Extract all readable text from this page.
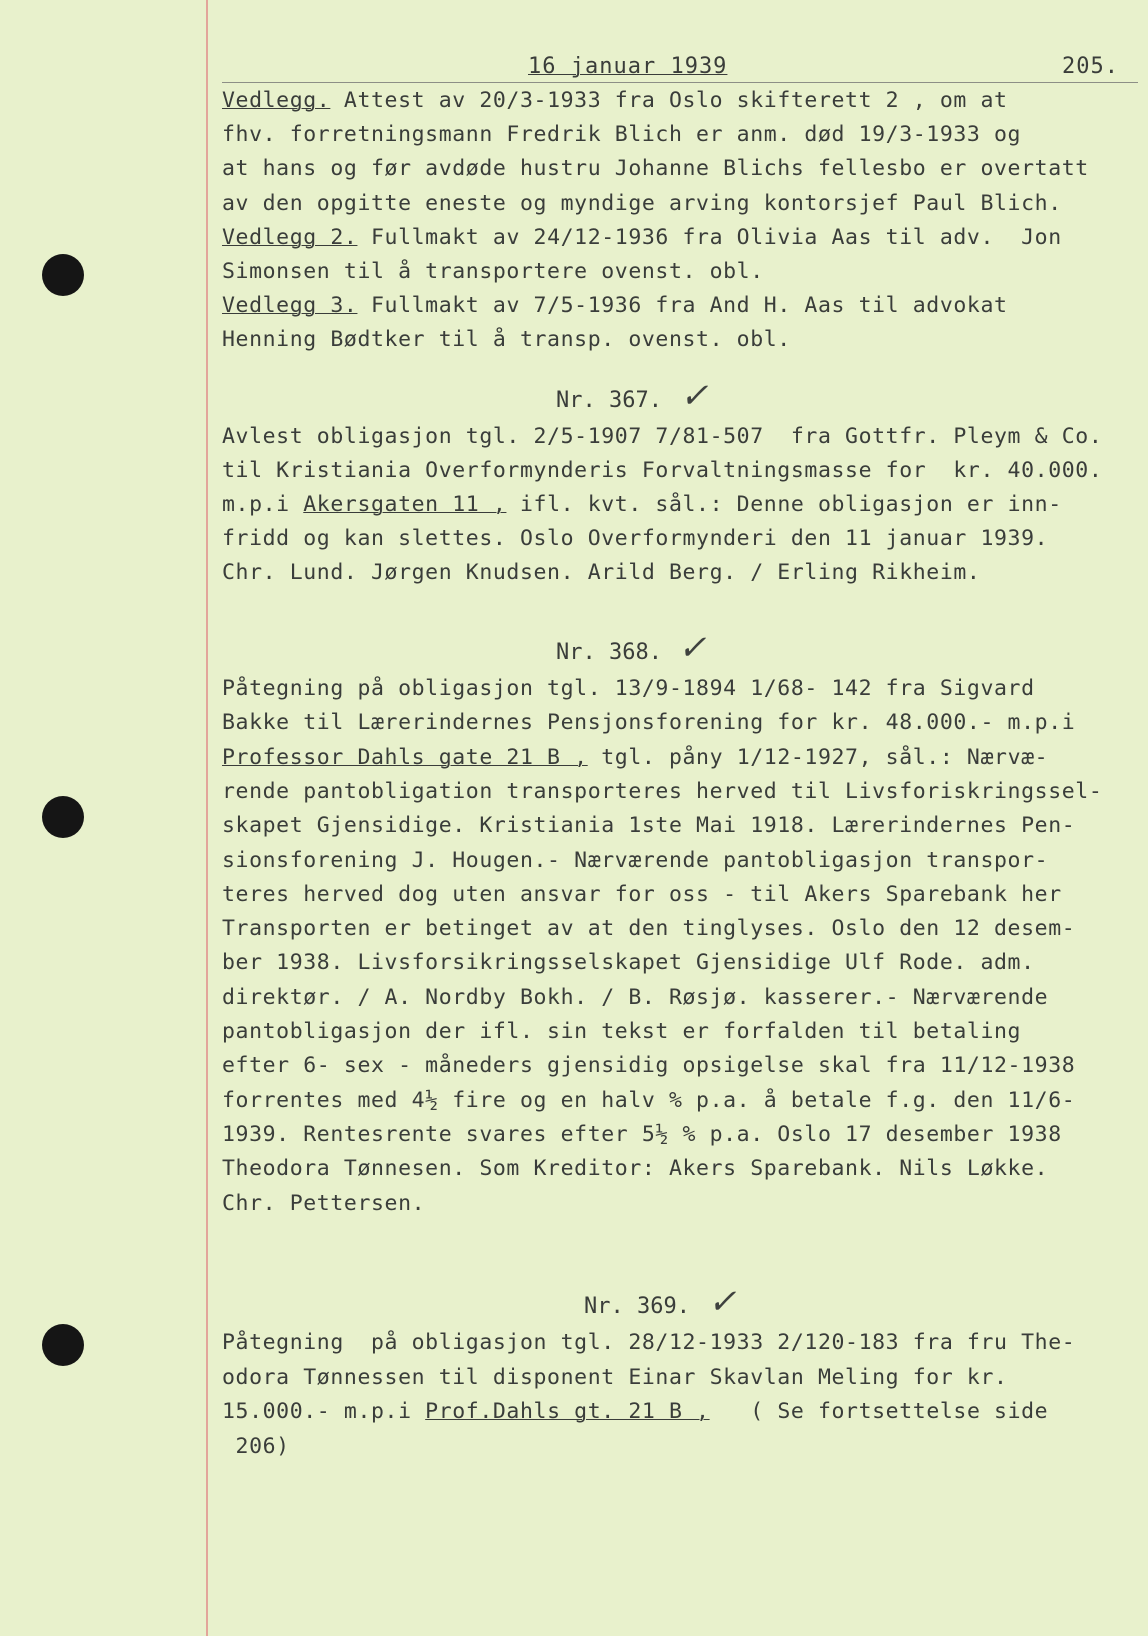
16 januar 1939	205.
Vedlegg. Attest av 20/3-1933 fra Oslo skifterett 2 , om at
fhv. forretningsmann Fredrik Blich er anm. død 19/3-1933 og
at hans og før avdøde hustru Johanne Blichs fellesbo er overtatt
av den opgitte eneste og myndige arving kontorsjef Paul Blich.
Vedlegg 2. Fullmakt av 24/12-1936 fra Olivia Aas til adv.  Jon
Simonsen til å transportere ovenst. obl.
Vedlegg 3. Fullmakt av 7/5-1936 fra And H. Aas til advokat
Henning Bødtker til å transp. ovenst. obl.
Nr. 367. ✓
Avlest obligasjon tgl. 2/5-1907 7/81-507  fra Gottfr. Pleym & Co.
til Kristiania Overformynderis Forvaltningsmasse for  kr. 40.000.
m.p.i Akersgaten 11 , ifl. kvt. sål.: Denne obligasjon er inn-
fridd og kan slettes. Oslo Overformynderi den 11 januar 1939.
Chr. Lund. Jørgen Knudsen. Arild Berg. / Erling Rikheim.
Nr. 368. ✓
Påtegning på obligasjon tgl. 13/9-1894 1/68- 142 fra Sigvard
Bakke til Lærerindernes Pensjonsforening for kr. 48.000.- m.p.i
Professor Dahls gate 21 B , tgl. påny 1/12-1927, sål.: Nærvæ-
rende pantobligation transporteres herved til Livsforiskringssel-
skapet Gjensidige. Kristiania 1ste Mai 1918. Lærerindernes Pen-
sionsforening J. Hougen.- Nærværende pantobligasjon transpor-
teres herved dog uten ansvar for oss - til Akers Sparebank her
Transporten er betinget av at den tinglyses. Oslo den 12 desem-
ber 1938. Livsforsikringsselskapet Gjensidige Ulf Rode. adm.
direktør. / A. Nordby Bokh. / B. Røsjø. kasserer.- Nærværende
pantobligasjon der ifl. sin tekst er forfalden til betaling
efter 6- sex - måneders gjensidig opsigelse skal fra 11/12-1938
forrentes med 4½ fire og en halv % p.a. å betale f.g. den 11/6-
1939. Rentesrente svares efter 5½ % p.a. Oslo 17 desember 1938
Theodora Tønnesen. Som Kreditor: Akers Sparebank. Nils Løkke.
Chr. Pettersen.
Nr. 369. ✓
Påtegning  på obligasjon tgl. 28/12-1933 2/120-183 fra fru The-
odora Tønnessen til disponent Einar Skavlan Meling for kr.
15.000.- m.p.i Prof.Dahls gt. 21 B ,   ( Se fortsettelse side
206)
